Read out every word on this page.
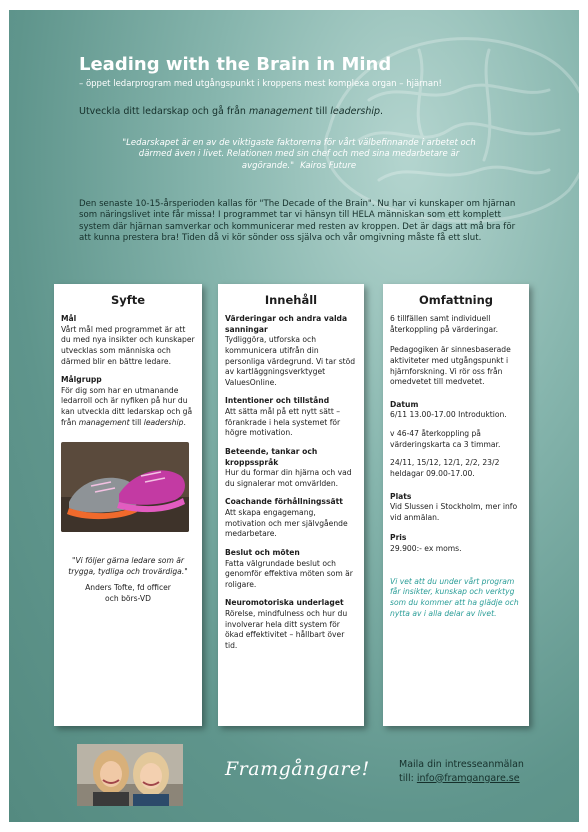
Leading with the Brain in Mind
– öppet ledarprogram med utgångspunkt i kroppens mest komplexa organ – hjärnan!
Utveckla ditt ledarskap och gå från management till leadership.
"Ledarskapet är en av de viktigaste faktorerna för vårt välbefinnande i arbetet och därmed även i livet. Relationen med sin chef och med sina medarbetare är avgörande." Kairos Future
Den senaste 10-15-årsperioden kallas för "The Decade of the Brain". Nu har vi kunskaper om hjärnan som näringslivet inte får missa! I programmet tar vi hänsyn till HELA människan som ett komplett system där hjärnan samverkar och kommunicerar med resten av kroppen. Det är dags att må bra för att kunna prestera bra! Tiden då vi kör sönder oss själva och vår omgivning måste få ett slut.
Syfte
Mål

Vårt mål med programmet är att du med nya insikter och kunskaper utvecklas som människa och därmed blir en bättre ledare.

Målgrupp

För dig som har en utmanande ledarroll och är nyfiken på hur du kan utveckla ditt ledarskap och gå från management till leadership.

"Vi följer gärna ledare som är trygga, tydliga och trovärdiga."
Anders Tofte, fd officer
och börs-VD
Innehåll
Värderingar och andra valda sanningar

Tydliggöra, utforska och kommunicera utifrån din personliga värdegrund. Vi tar stöd av kartläggningsverktyget ValuesOnline.

Intentioner och tillstånd

Att sätta mål på ett nytt sätt – förankrade i hela systemet för högre motivation.

Beteende, tankar och kroppsspråk

Hur du formar din hjärna och vad du signalerar mot omvärlden.

Coachande förhållningssätt

Att skapa engagemang, motivation och mer självgående medarbetare.

Beslut och möten

Fatta välgrundade beslut och genomför effektiva möten som är roligare.

Neuromotoriska underlaget

Rörelse, mindfulness och hur du involverar hela ditt system för ökad effektivitet – hållbart över tid.

Omfattning

6 tillfällen samt individuell återkoppling på värderingar.

Pedagogiken är sinnesbaserade aktiviteter med utgångspunkt i hjärnforskning. Vi rör oss från omedvetet till medvetet.

Datum

6/11 13.00-17.00 Introduktion.

v 46-47 återkoppling på värderingskarta ca 3 timmar.

24/11, 15/12, 12/1, 2/2, 23/2 heldagar 09.00-17.00.

Plats

Vid Slussen i Stockholm, mer info vid anmälan.

Pris

29.900:- ex moms.

Vi vet att du under vårt program får insikter, kunskap och verktyg som du kommer att ha glädje och nytta av i alla delar av livet.

Framgångare!	Maila din intresseanmälan
till: info@framgangare.se
